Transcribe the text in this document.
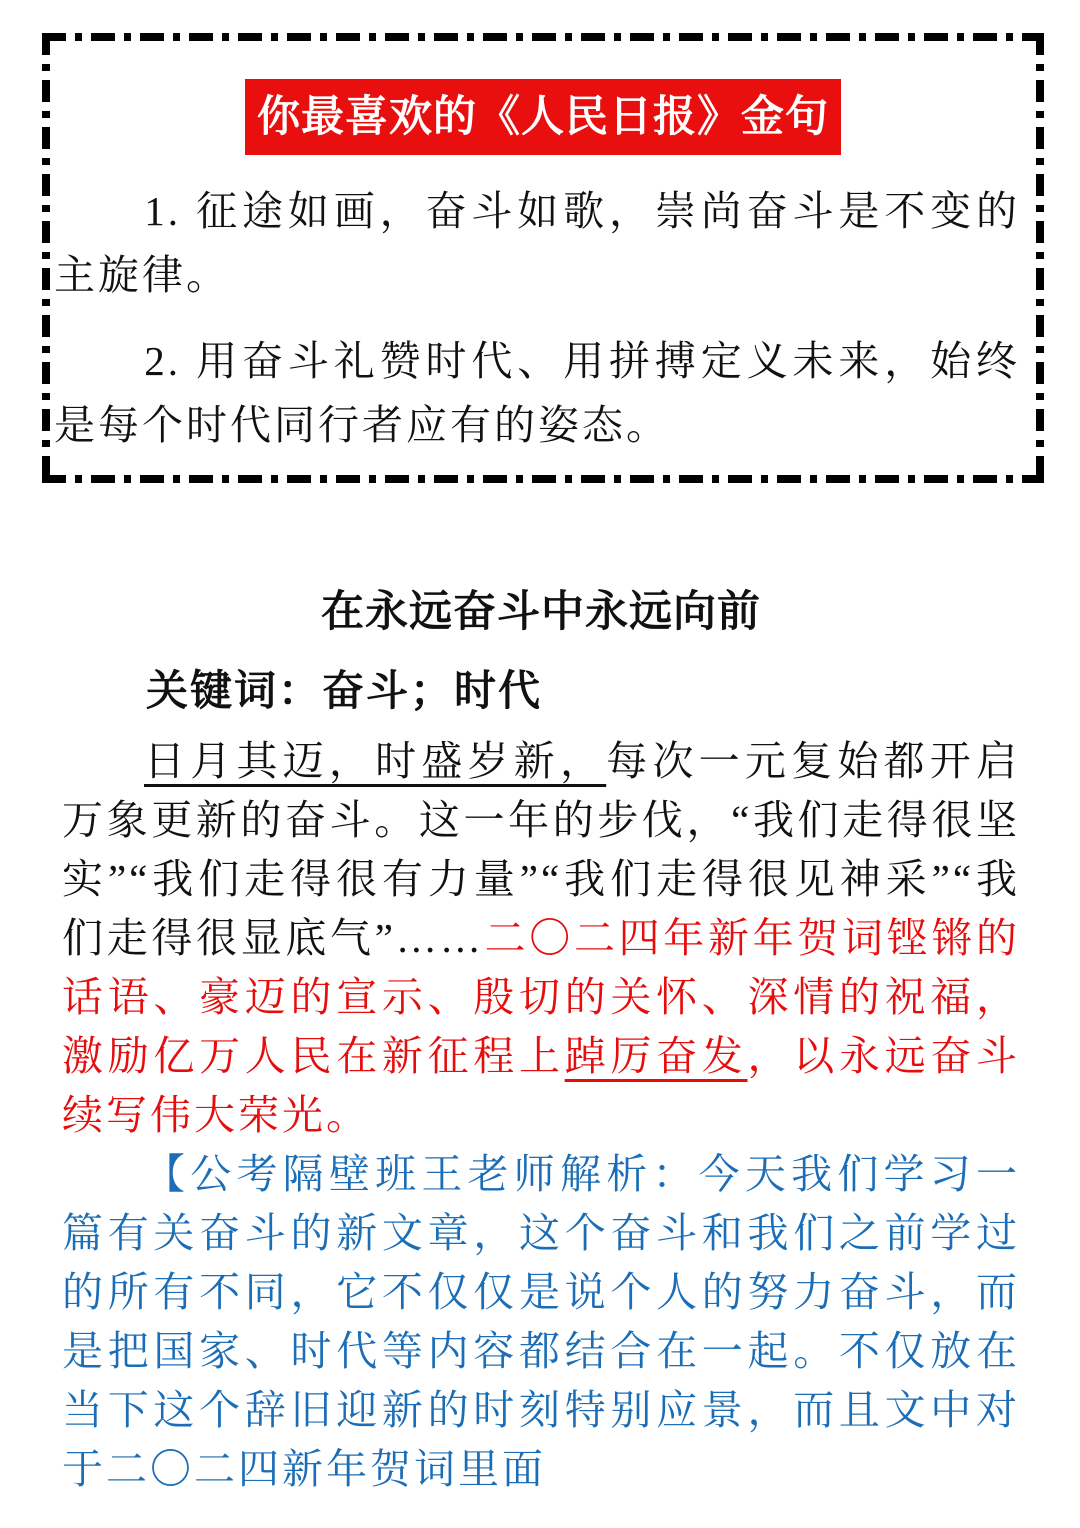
你最喜欢的《人民日报》金句

1. 征途如画，奋斗如歌，崇尚奋斗是不变的主旋律。

2. 用奋斗礼赞时代、用拼搏定义未来，始终是每个时代同行者应有的姿态。

在永远奋斗中永远向前

关键词：奋斗；时代

日月其迈，时盛岁新，每次一元复始都开启万象更新的奋斗。这一年的步伐，“我们走得很坚实”“我们走得很有力量”“我们走得很见神采”“我们走得很显底气”……二〇二四年新年贺词铿锵的话语、豪迈的宣示、殷切的关怀、深情的祝福，激励亿万人民在新征程上踔厉奋发，以永远奋斗续写伟大荣光。

【公考隔壁班王老师解析：今天我们学习一篇有关奋斗的新文章，这个奋斗和我们之前学过的所有不同，它不仅仅是说个人的努力奋斗，而是把国家、时代等内容都结合在一起。不仅放在当下这个辞旧迎新的时刻特别应景，而且文中对于二〇二四新年贺词里面
